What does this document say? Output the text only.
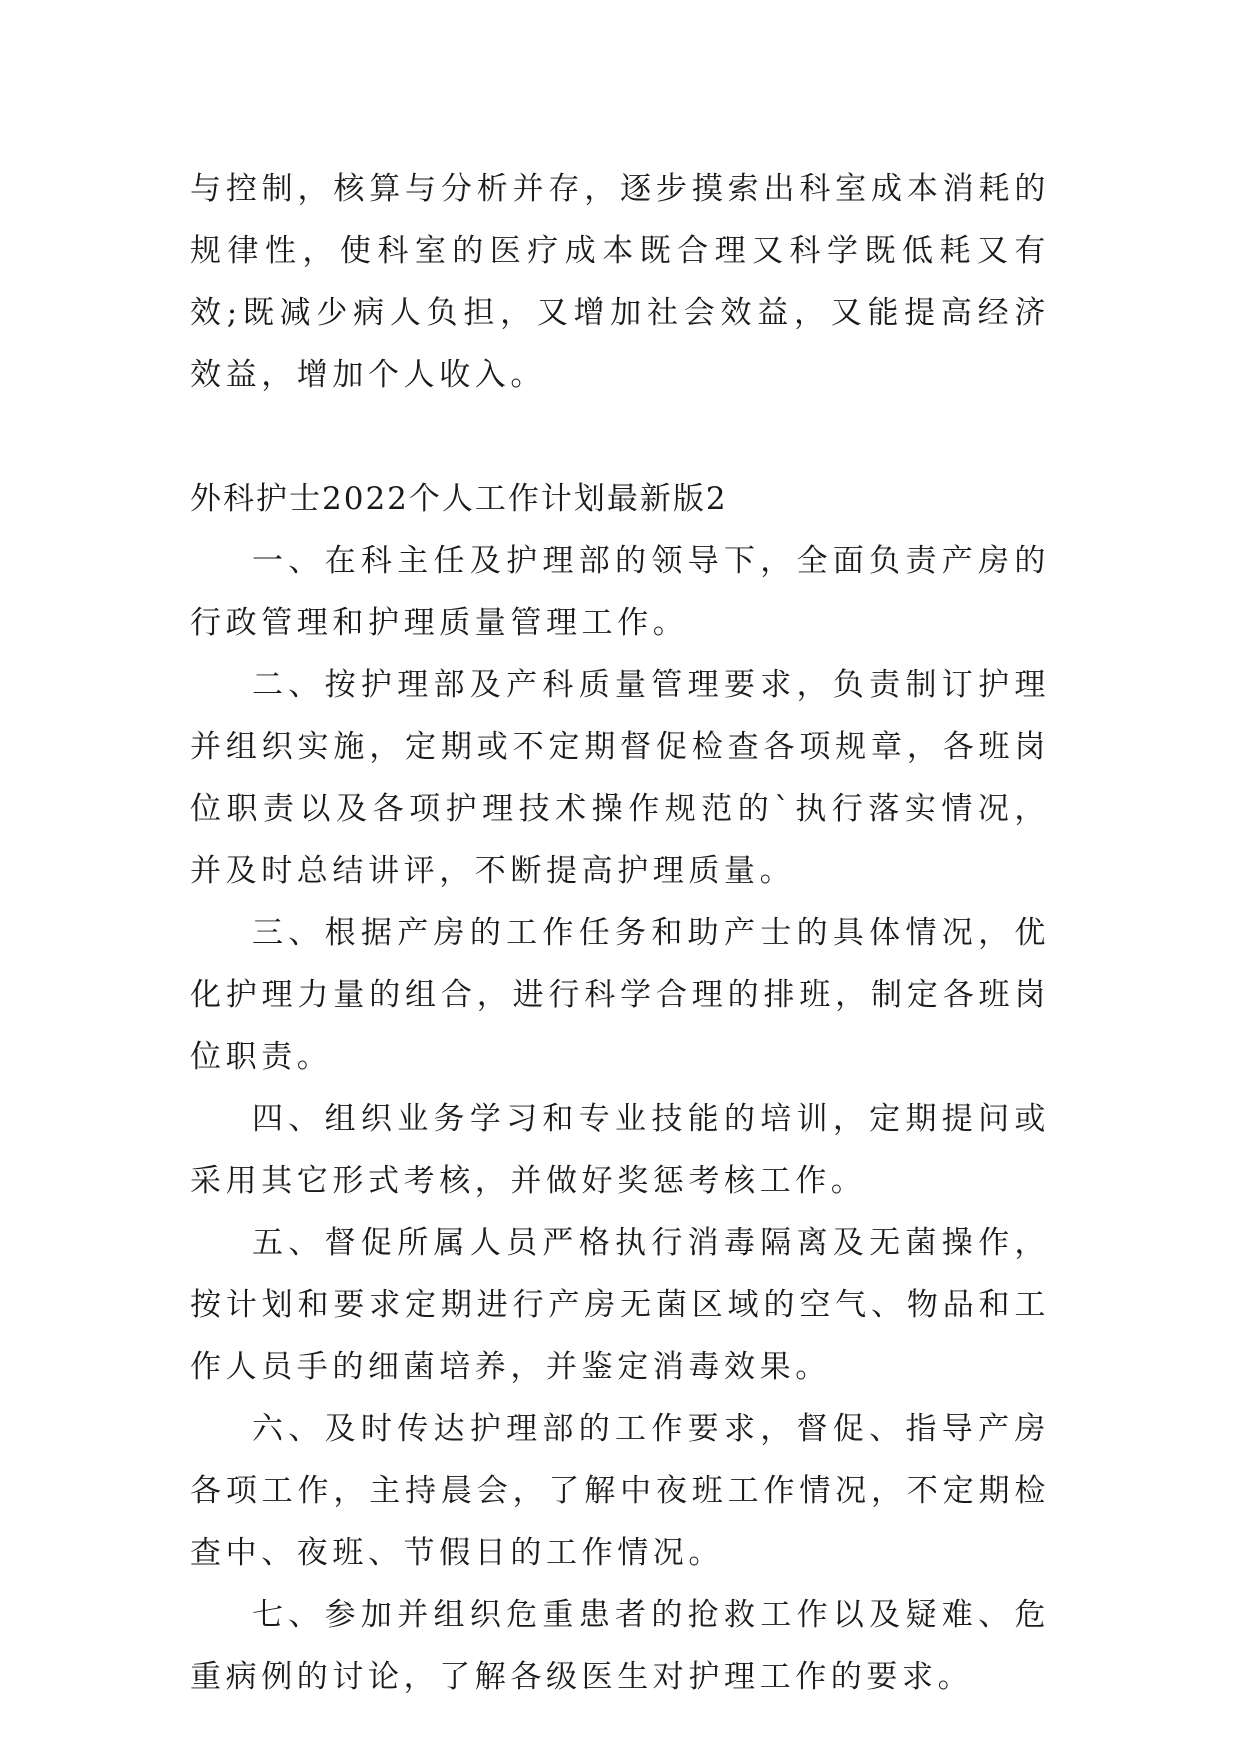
与控制，核算与分析并存，逐步摸索出科室成本消耗的规律性，使科室的医疗成本既合理又科学既低耗又有效;既减少病人负担，又增加社会效益，又能提高经济效益，增加个人收入。

外科护士2022个人工作计划最新版2

一、在科主任及护理部的领导下，全面负责产房的行政管理和护理质量管理工作。

二、按护理部及产科质量管理要求，负责制订护理并组织实施，定期或不定期督促检查各项规章，各班岗位职责以及各项护理技术操作规范的`执行落实情况，并及时总结讲评，不断提高护理质量。

三、根据产房的工作任务和助产士的具体情况，优化护理力量的组合，进行科学合理的排班，制定各班岗位职责。

四、组织业务学习和专业技能的培训，定期提问或采用其它形式考核，并做好奖惩考核工作。

五、督促所属人员严格执行消毒隔离及无菌操作，按计划和要求定期进行产房无菌区域的空气、物品和工作人员手的细菌培养，并鉴定消毒效果。

六、及时传达护理部的工作要求，督促、指导产房各项工作，主持晨会，了解中夜班工作情况，不定期检查中、夜班、节假日的工作情况。

七、参加并组织危重患者的抢救工作以及疑难、危重病例的讨论，了解各级医生对护理工作的要求。
